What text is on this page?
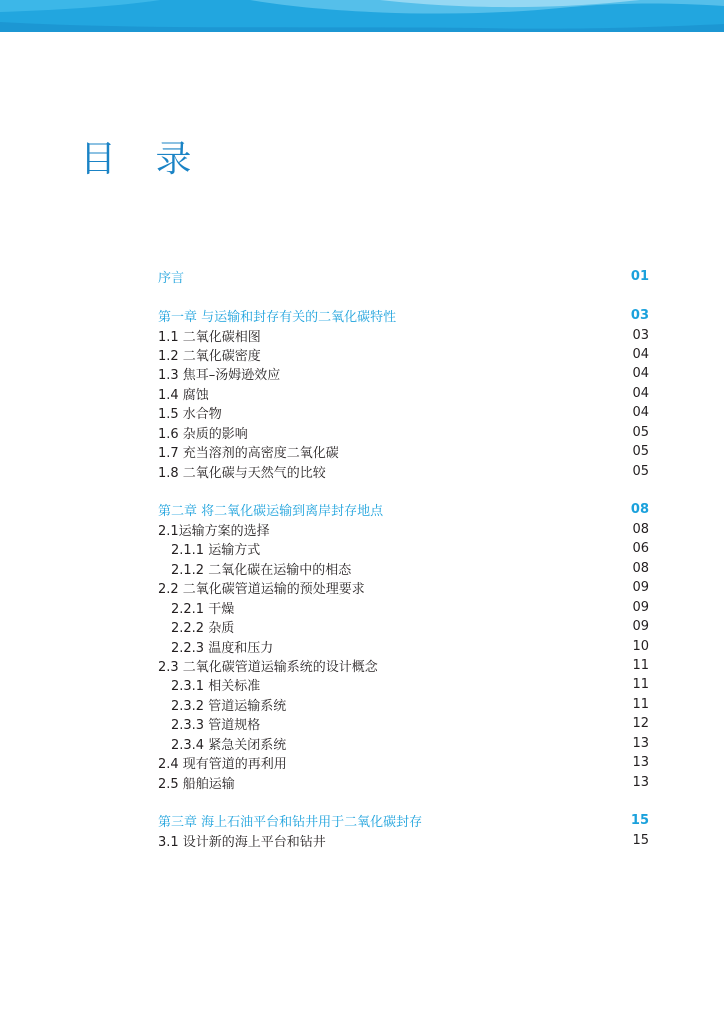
目 录
序言	01
第一章 与运输和封存有关的二氧化碳特性	03
1.1 二氧化碳相图	03
1.2 二氧化碳密度	04
1.3 焦耳–汤姆逊效应	04
1.4 腐蚀	04
1.5 水合物	04
1.6 杂质的影响	05
1.7 充当溶剂的高密度二氧化碳	05
1.8 二氧化碳与天然气的比较	05
第二章 将二氧化碳运输到离岸封存地点	08
2.1运输方案的选择	08
2.1.1 运输方式	06
2.1.2 二氧化碳在运输中的相态	08
2.2 二氧化碳管道运输的预处理要求	09
2.2.1 干燥	09
2.2.2 杂质	09
2.2.3 温度和压力	10
2.3 二氧化碳管道运输系统的设计概念	11
2.3.1 相关标准	11
2.3.2 管道运输系统	11
2.3.3 管道规格	12
2.3.4 紧急关闭系统	13
2.4 现有管道的再利用	13
2.5 船舶运输	13
第三章 海上石油平台和钻井用于二氧化碳封存	15
3.1 设计新的海上平台和钻井	15
